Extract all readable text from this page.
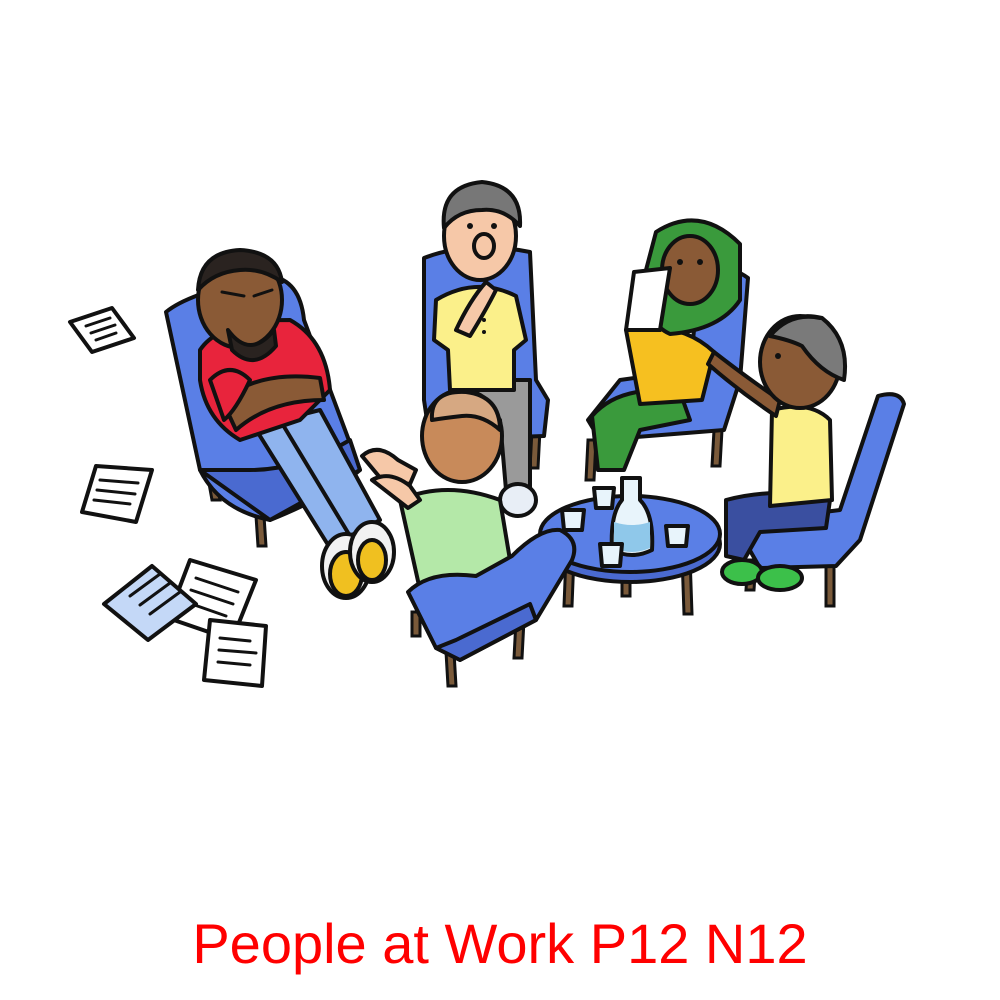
People at Work P12 N12
